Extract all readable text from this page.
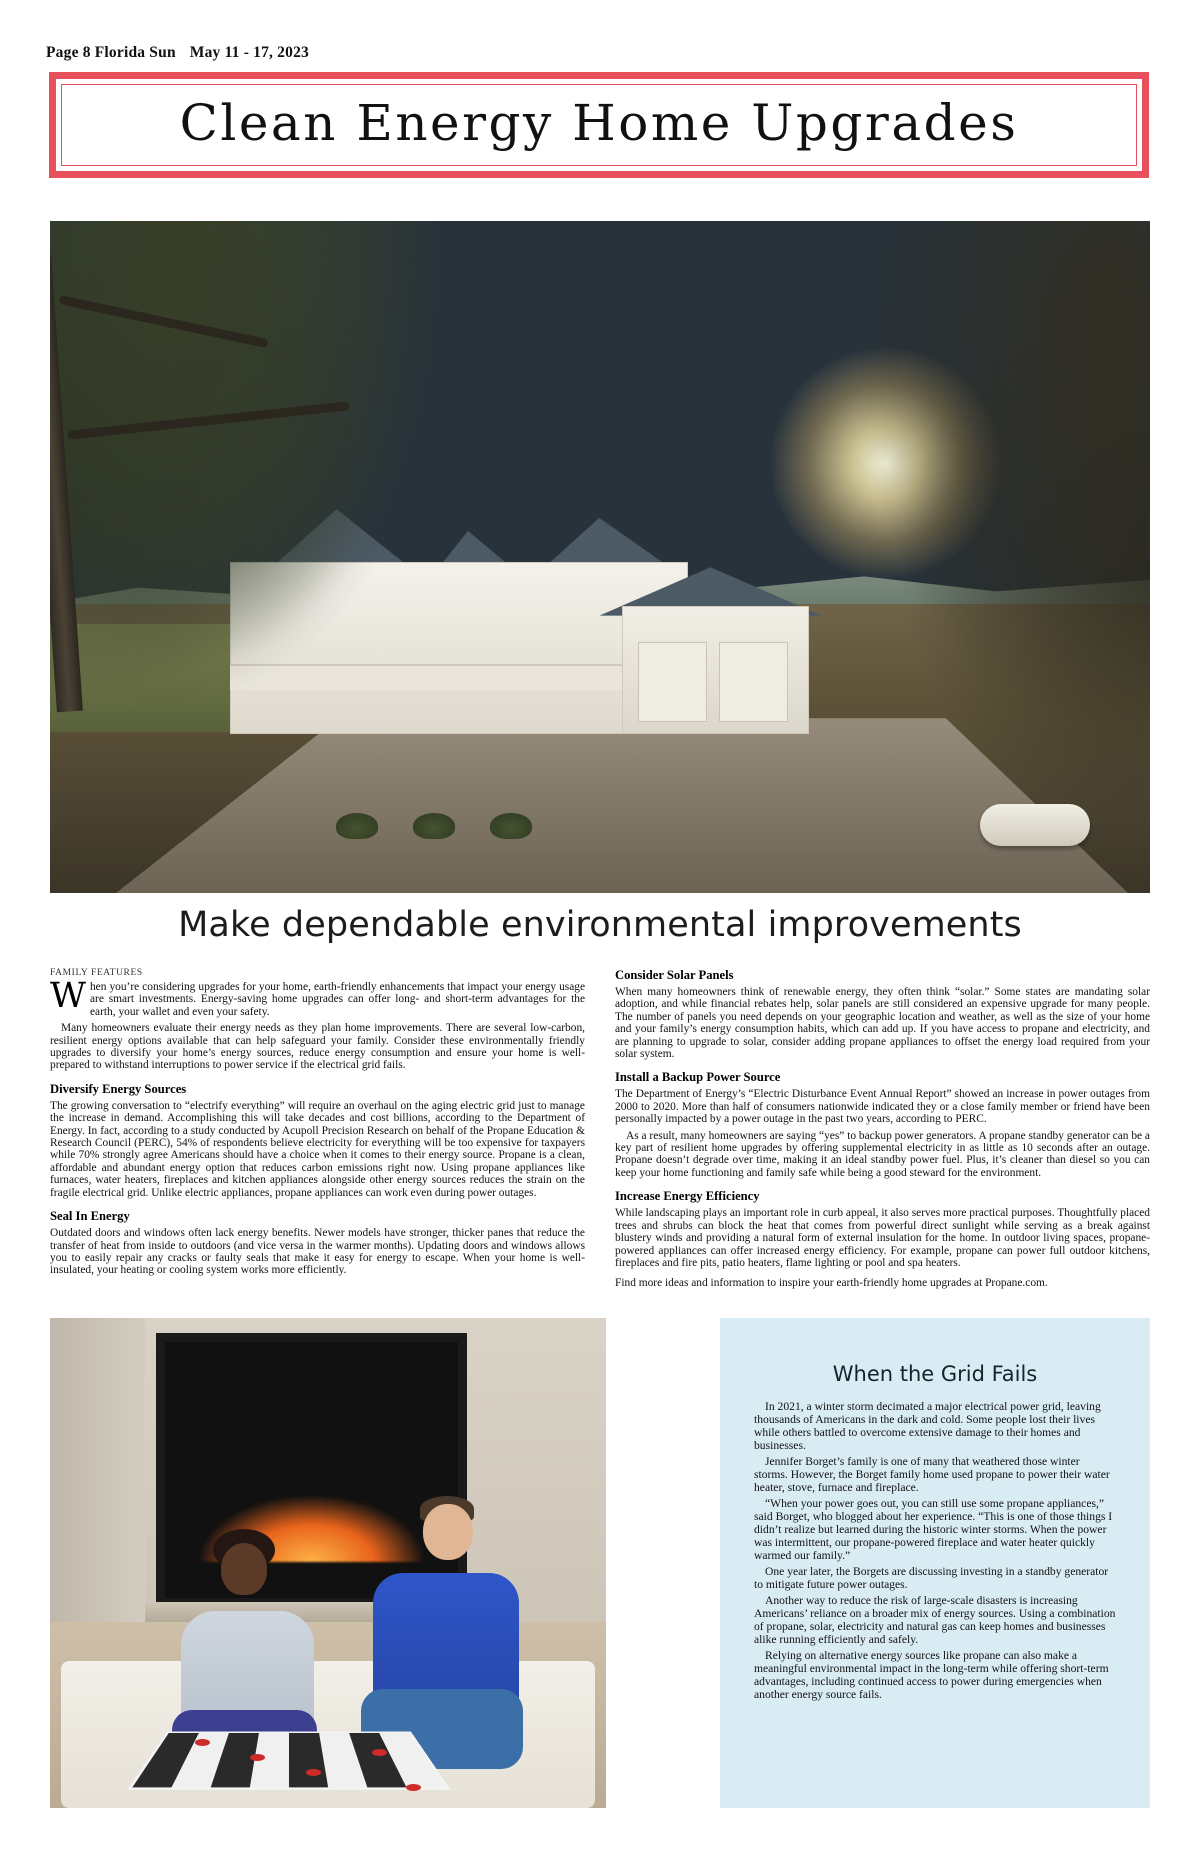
Page 8 Florida Sun May 11 - 17, 2023
Clean Energy Home Upgrades
Make dependable environmental improvements
FAMILY FEATURES
W hen you’re considering upgrades for your home, earth-friendly enhancements that impact your energy usage are smart investments. Energy-saving home upgrades can offer long- and short-term advantages for the earth, your wallet and even your safety.

Many homeowners evaluate their energy needs as they plan home improvements. There are several low-carbon, resilient energy options available that can help safeguard your family. Consider these environmentally friendly upgrades to diversify your home’s energy sources, reduce energy consumption and ensure your home is well-prepared to withstand interruptions to power service if the electrical grid fails.

Diversify Energy Sources

The growing conversation to “electrify everything” will require an overhaul on the aging electric grid just to manage the increase in demand. Accomplishing this will take decades and cost billions, according to the Department of Energy. In fact, according to a study conducted by Acupoll Precision Research on behalf of the Propane Education & Research Council (PERC), 54% of respondents believe electricity for everything will be too expensive for taxpayers while 70% strongly agree Americans should have a choice when it comes to their energy source. Propane is a clean, affordable and abundant energy option that reduces carbon emissions right now. Using propane appliances like furnaces, water heaters, fireplaces and kitchen appliances alongside other energy sources reduces the strain on the fragile electrical grid. Unlike electric appliances, propane appliances can work even during power outages.

Seal In Energy

Outdated doors and windows often lack energy benefits. Newer models have stronger, thicker panes that reduce the transfer of heat from inside to outdoors (and vice versa in the warmer months). Updating doors and windows allows you to easily repair any cracks or faulty seals that make it easy for energy to escape. When your home is well-insulated, your heating or cooling system works more efficiently.

Consider Solar Panels

When many homeowners think of renewable energy, they often think “solar.” Some states are mandating solar adoption, and while financial rebates help, solar panels are still considered an expensive upgrade for many people. The number of panels you need depends on your geographic location and weather, as well as the size of your home and your family’s energy consumption habits, which can add up. If you have access to propane and electricity, and are planning to upgrade to solar, consider adding propane appliances to offset the energy load required from your solar system.

Install a Backup Power Source

The Department of Energy’s “Electric Disturbance Event Annual Report” showed an increase in power outages from 2000 to 2020. More than half of consumers nationwide indicated they or a close family member or friend have been personally impacted by a power outage in the past two years, according to PERC.

As a result, many homeowners are saying “yes” to backup power generators. A propane standby generator can be a key part of resilient home upgrades by offering supplemental electricity in as little as 10 seconds after an outage. Propane doesn’t degrade over time, making it an ideal standby power fuel. Plus, it’s cleaner than diesel so you can keep your home functioning and family safe while being a good steward for the environment.

Increase Energy Efficiency

While landscaping plays an important role in curb appeal, it also serves more practical purposes. Thoughtfully placed trees and shrubs can block the heat that comes from powerful direct sunlight while serving as a break against blustery winds and providing a natural form of external insulation for the home. In outdoor living spaces, propane-powered appliances can offer increased energy efficiency. For example, propane can power full outdoor kitchens, fireplaces and fire pits, patio heaters, flame lighting or pool and spa heaters.

Find more ideas and information to inspire your earth-friendly home upgrades at Propane.com.

When the Grid Fails

In 2021, a winter storm decimated a major electrical power grid, leaving thousands of Americans in the dark and cold. Some people lost their lives while others battled to overcome extensive damage to their homes and businesses.

Jennifer Borget’s family is one of many that weathered those winter storms. However, the Borget family home used propane to power their water heater, stove, furnace and fireplace.

“When your power goes out, you can still use some propane appliances,” said Borget, who blogged about her experience. “This is one of those things I didn’t realize but learned during the historic winter storms. When the power was intermittent, our propane-powered fireplace and water heater quickly warmed our family.”

One year later, the Borgets are discussing investing in a standby generator to mitigate future power outages.

Another way to reduce the risk of large-scale disasters is increasing Americans’ reliance on a broader mix of energy sources. Using a combination of propane, solar, electricity and natural gas can keep homes and businesses alike running efficiently and safely.

Relying on alternative energy sources like propane can also make a meaningful environmental impact in the long-term while offering short-term advantages, including continued access to power during emergencies when another energy source fails.
